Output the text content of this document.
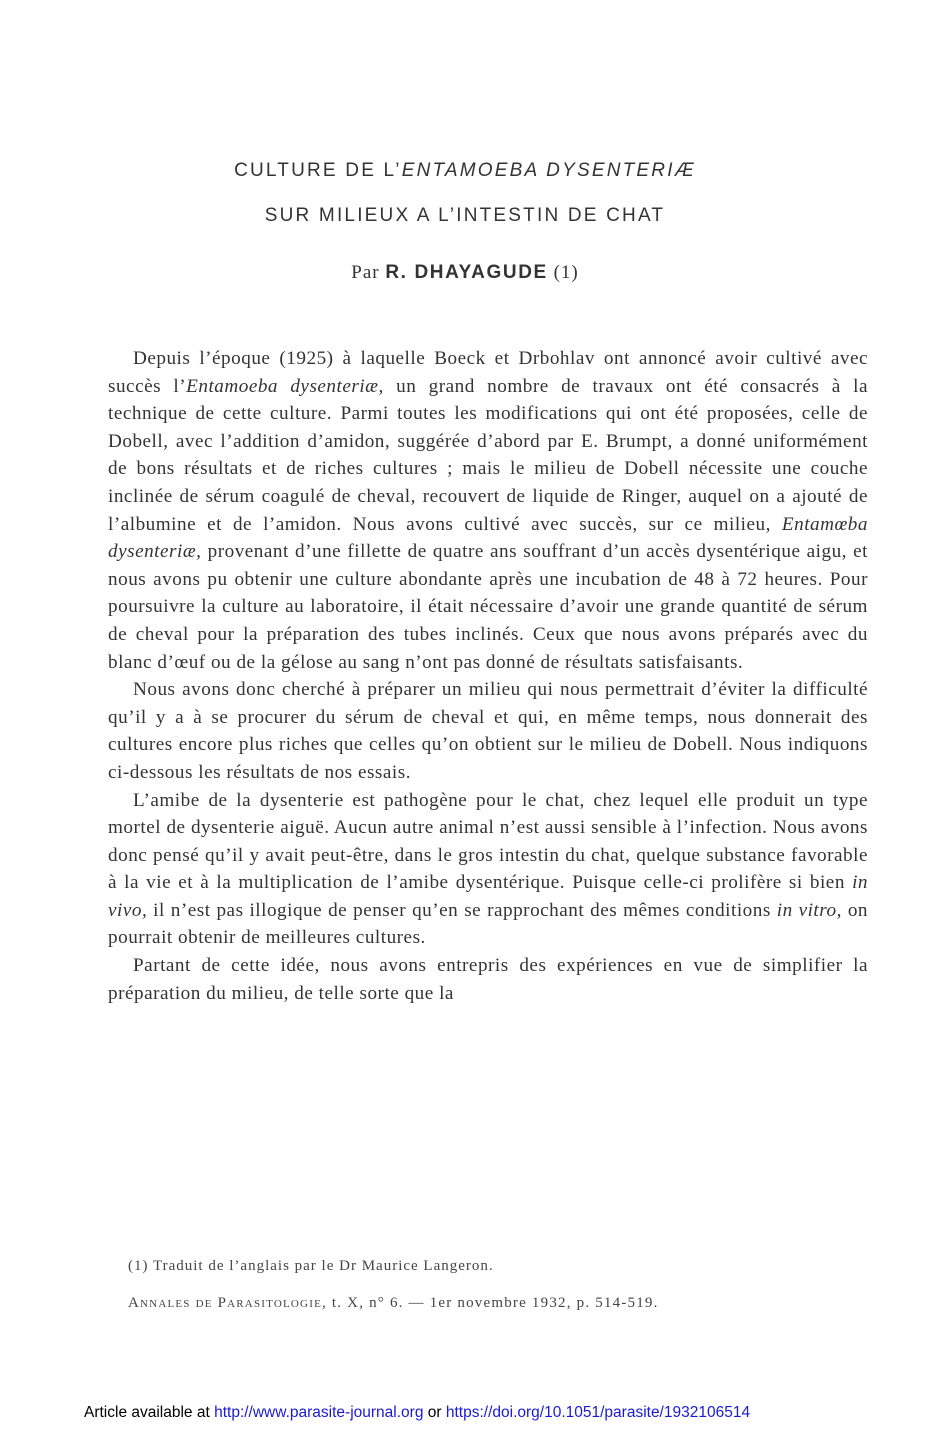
CULTURE DE L’ENTAMOEBA DYSENTERIÆ
SUR MILIEUX A L’INTESTIN DE CHAT
Par R. DHAYAGUDE (1)

Depuis l’époque (1925) à laquelle Boeck et Drbohlav ont annoncé avoir cultivé avec succès l’Entamoeba dysenteriæ, un grand nombre de travaux ont été consacrés à la technique de cette culture. Parmi toutes les modifications qui ont été proposées, celle de Dobell, avec l’addition d’amidon, suggérée d’abord par E. Brumpt, a donné uniformément de bons résultats et de riches cultures ; mais le milieu de Dobell nécessite une couche inclinée de sérum coagulé de cheval, recouvert de liquide de Ringer, auquel on a ajouté de l’albumine et de l’amidon. Nous avons cultivé avec succès, sur ce milieu, Entamœba dysenteriæ, provenant d’une fillette de quatre ans souffrant d’un accès dysentérique aigu, et nous avons pu obtenir une culture abondante après une incubation de 48 à 72 heures. Pour poursuivre la culture au laboratoire, il était nécessaire d’avoir une grande quantité de sérum de cheval pour la préparation des tubes inclinés. Ceux que nous avons préparés avec du blanc d’œuf ou de la gélose au sang n’ont pas donné de résultats satisfaisants.

Nous avons donc cherché à préparer un milieu qui nous permettrait d’éviter la difficulté qu’il y a à se procurer du sérum de cheval et qui, en même temps, nous donnerait des cultures encore plus riches que celles qu’on obtient sur le milieu de Dobell. Nous indiquons ci-dessous les résultats de nos essais.

L’amibe de la dysenterie est pathogène pour le chat, chez lequel elle produit un type mortel de dysenterie aiguë. Aucun autre animal n’est aussi sensible à l’infection. Nous avons donc pensé qu’il y avait peut-être, dans le gros intestin du chat, quelque substance favorable à la vie et à la multiplication de l’amibe dysentérique. Puisque celle-ci prolifère si bien in vivo, il n’est pas illogique de penser qu’en se rapprochant des mêmes conditions in vitro, on pourrait obtenir de meilleures cultures.

Partant de cette idée, nous avons entrepris des expériences en vue de simplifier la préparation du milieu, de telle sorte que la

(1) Traduit de l’anglais par le Dr Maurice Langeron.
Annales de Parasitologie, t. X, n° 6. — 1er novembre 1932, p. 514-519.
Article available at http://www.parasite-journal.org or https://doi.org/10.1051/parasite/1932106514
